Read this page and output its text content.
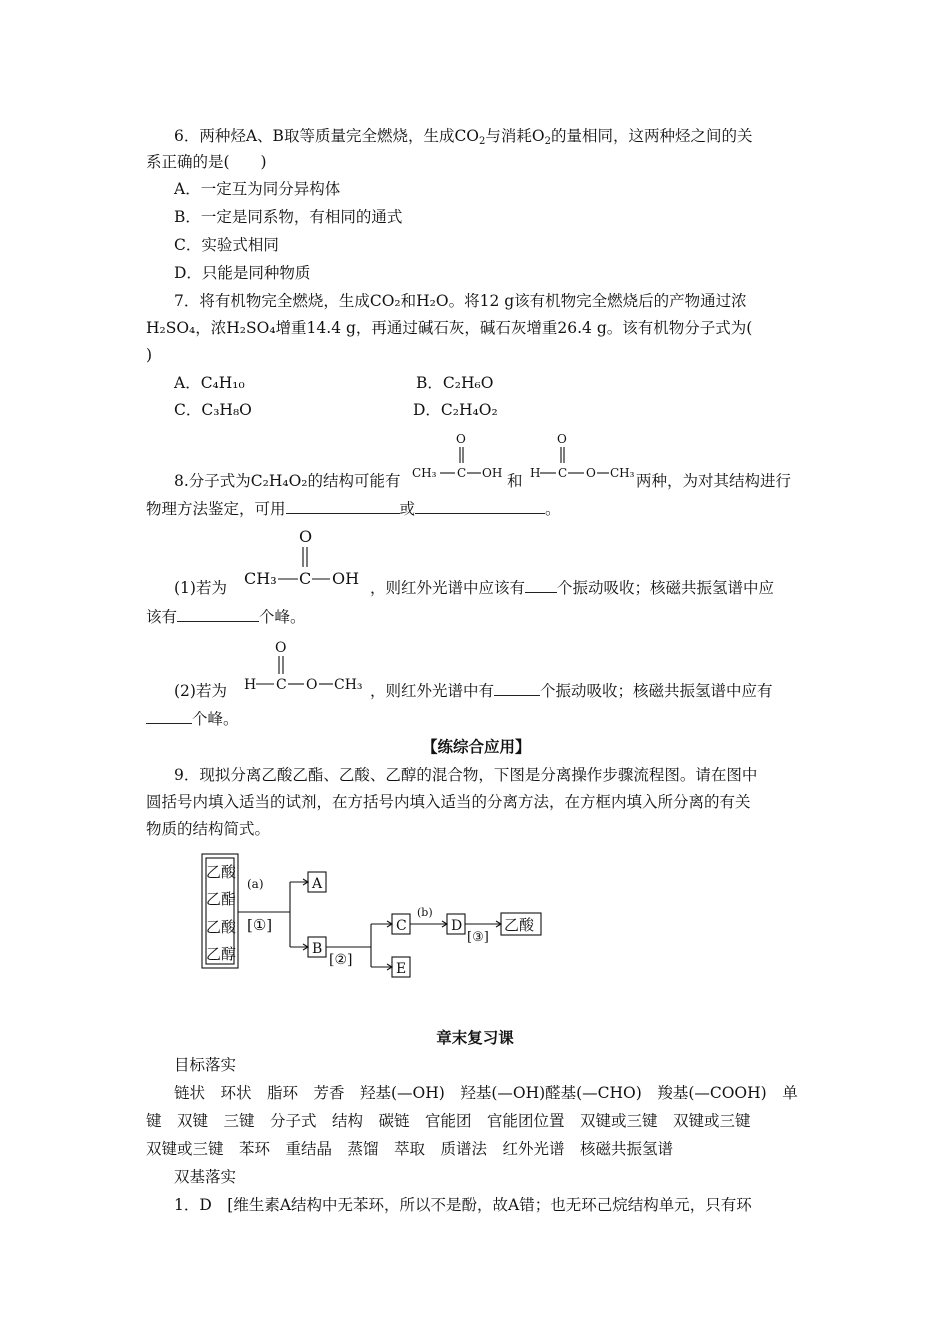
6．两种烃A、B取等质量完全燃烧，生成$CO_2$与消耗$O_2$的量相同，这两种烃之间的关
系正确的是(　　)
A．一定互为同分异构体
B．一定是同系物，有相同的通式
C．实验式相同
D．只能是同种物质
7．将有机物完全燃烧，生成CO₂和H₂O。将12 g该有机物完全燃烧后的产物通过浓
H₂SO₄，浓H₂SO₄增重14.4 g，再通过碱石灰，碱石灰增重26.4 g。该有机物分子式为(
)
A．C₄H₁₀	B．C₂H₆O
C．C₃H₈O	D．C₂H₄O₂
8.分子式为C₂H₄O₂的结构可能有
O
CH₃ C OH 和
O
H C O CH₃ 两种，为对其结构进行
物理方法鉴定，可用	或	。
(1)若为
O
CH₃ C OH ，则红外光谱中应该有 个振动吸收；核磁共振氢谱中应
该有	个峰。
(2)若为
O
H C O CH₃ ，则红外光谱中有	个振动吸收；核磁共振氢谱中应有
个峰。
【练综合应用】
9．现拟分离乙酸乙酯、乙酸、乙醇的混合物，下图是分离操作步骤流程图。请在图中
圆括号内填入适当的试剂，在方括号内填入适当的分离方法，在方框内填入所分离的有关
物质的结构简式。
乙酸
乙酯
乙酸
乙醇
(a)
[①]
A
B
[②]
C
E
(b)
D
[③]
乙酸
章末复习课
目标落实
链状　环状　脂环　芳香　羟基(—OH)　羟基(—OH)醛基(—CHO)　羧基(—COOH)　单
键　双键　三键　分子式　结构　碳链　官能团　官能团位置　双键或三键　双键或三键
双键或三键　苯环　重结晶　蒸馏　萃取　质谱法　红外光谱　核磁共振氢谱
双基落实
1．D　[维生素A结构中无苯环，所以不是酚，故A错；也无环己烷结构单元，只有环
